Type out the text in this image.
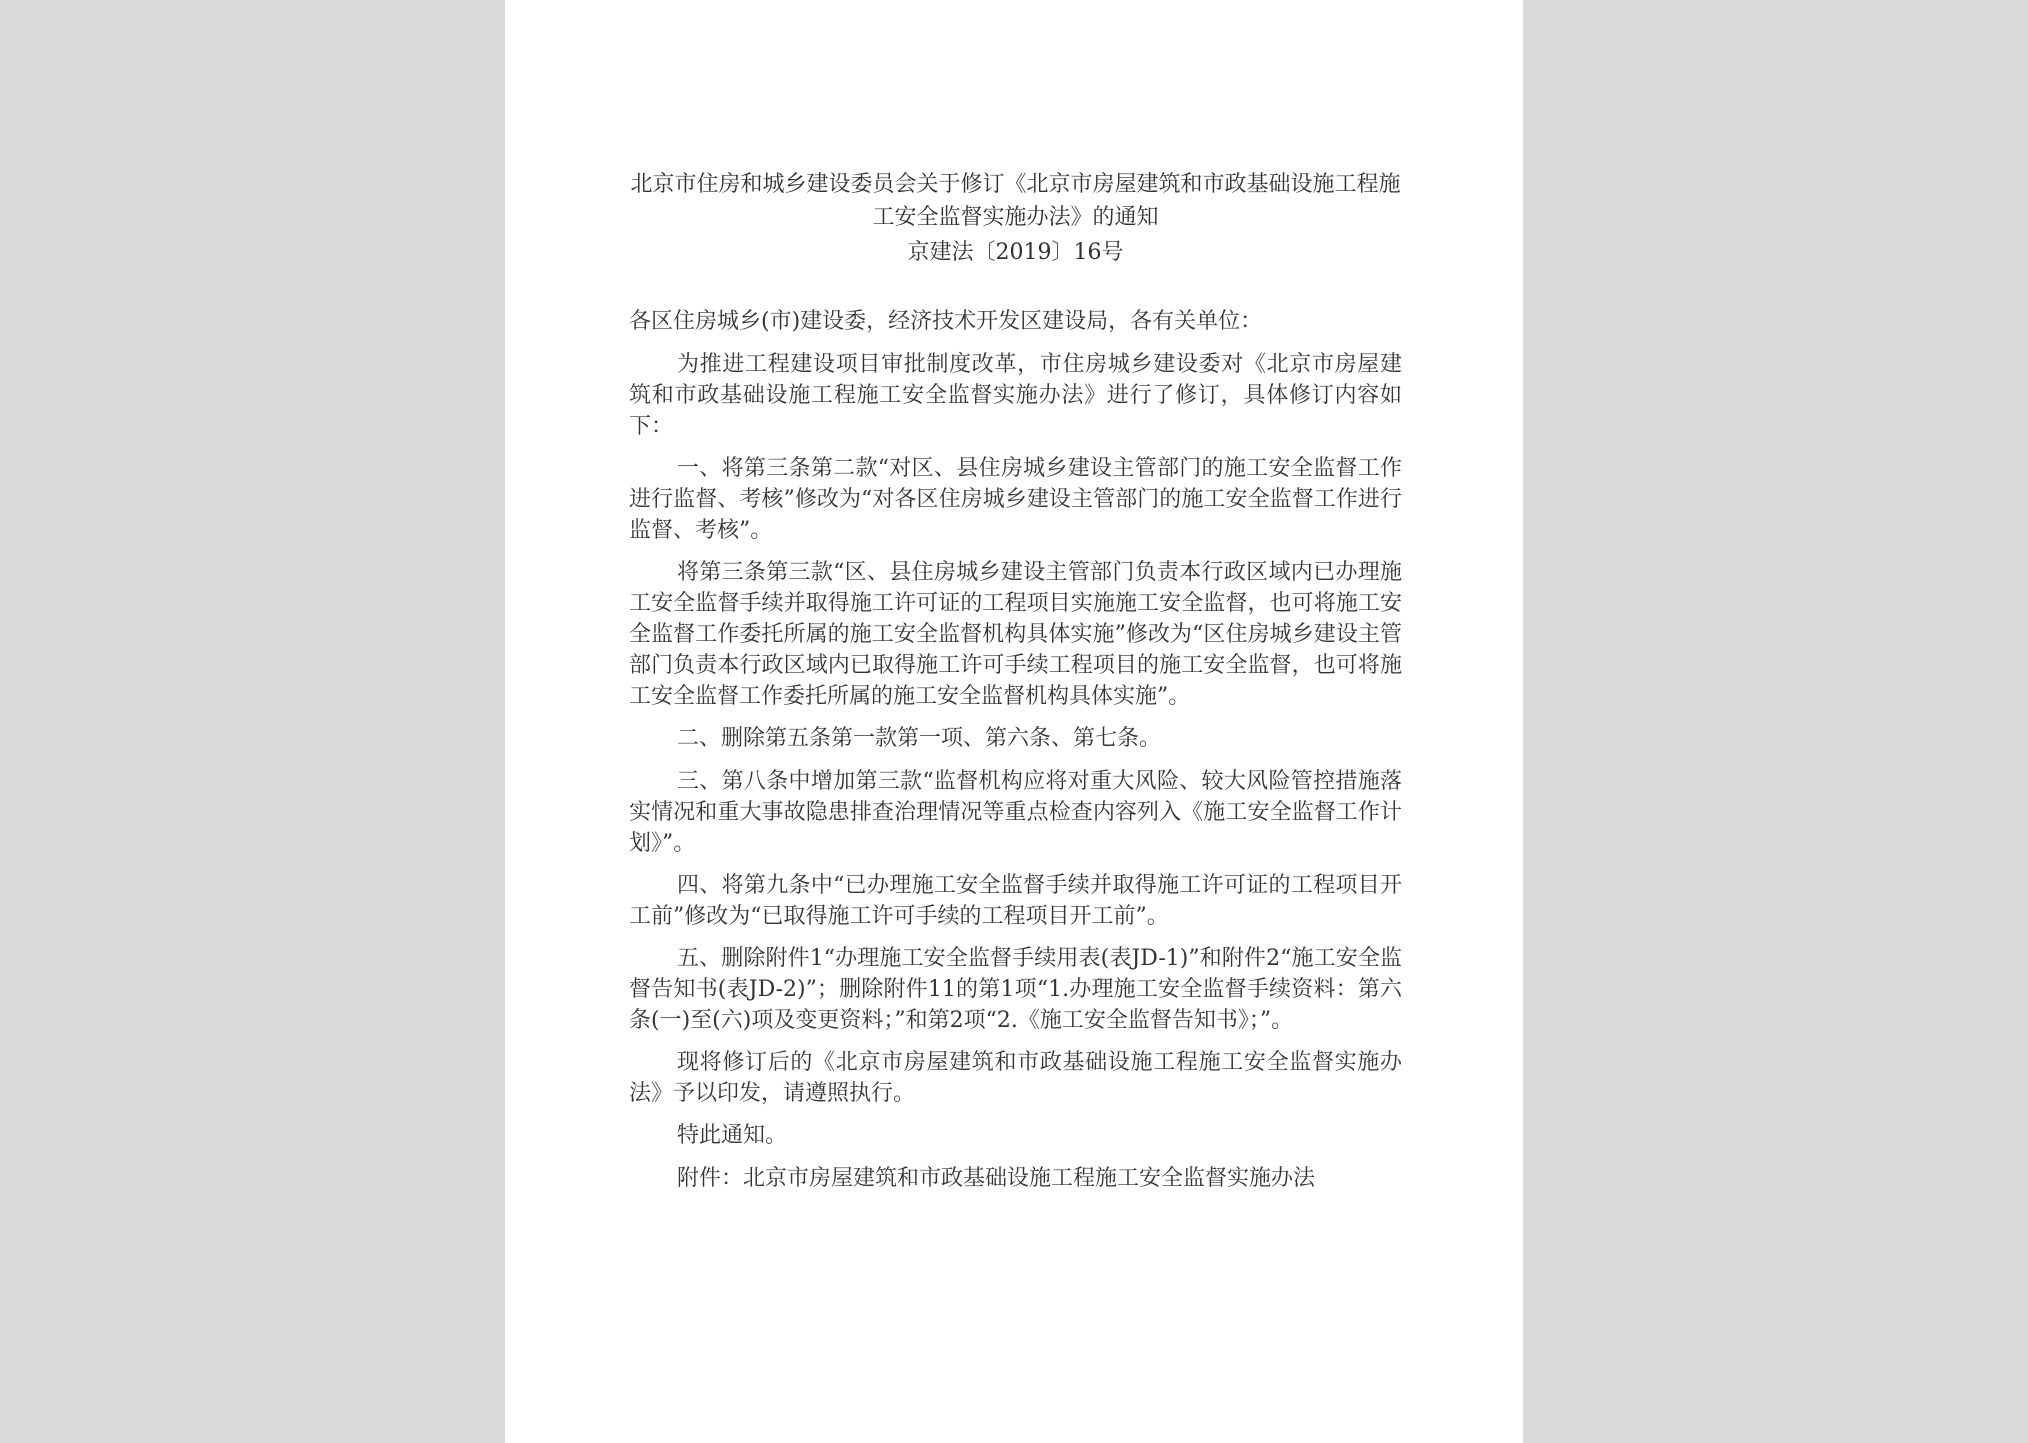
北京市住房和城乡建设委员会关于修订《北京市房屋建筑和市政基础设施工程施工安全监督实施办法》的通知
京建法〔2019〕16号

各区住房城乡(市)建设委，经济技术开发区建设局，各有关单位：

为推进工程建设项目审批制度改革，市住房城乡建设委对《北京市房屋建筑和市政基础设施工程施工安全监督实施办法》进行了修订，具体修订内容如下：

一、将第三条第二款“对区、县住房城乡建设主管部门的施工安全监督工作进行监督、考核”修改为“对各区住房城乡建设主管部门的施工安全监督工作进行监督、考核”。

将第三条第三款“区、县住房城乡建设主管部门负责本行政区域内已办理施工安全监督手续并取得施工许可证的工程项目实施施工安全监督，也可将施工安全监督工作委托所属的施工安全监督机构具体实施”修改为“区住房城乡建设主管部门负责本行政区域内已取得施工许可手续工程项目的施工安全监督，也可将施工安全监督工作委托所属的施工安全监督机构具体实施”。

二、删除第五条第一款第一项、第六条、第七条。

三、第八条中增加第三款“监督机构应将对重大风险、较大风险管控措施落实情况和重大事故隐患排查治理情况等重点检查内容列入《施工安全监督工作计划》”。

四、将第九条中“已办理施工安全监督手续并取得施工许可证的工程项目开工前”修改为“已取得施工许可手续的工程项目开工前”。

五、删除附件1“办理施工安全监督手续用表(表JD-1)”和附件2“施工安全监督告知书(表JD-2)”；删除附件11的第1项“1.办理施工安全监督手续资料：第六条(一)至(六)项及变更资料；”和第2项“2.《施工安全监督告知书》；”。

现将修订后的《北京市房屋建筑和市政基础设施工程施工安全监督实施办法》予以印发，请遵照执行。

特此通知。

附件：北京市房屋建筑和市政基础设施工程施工安全监督实施办法
